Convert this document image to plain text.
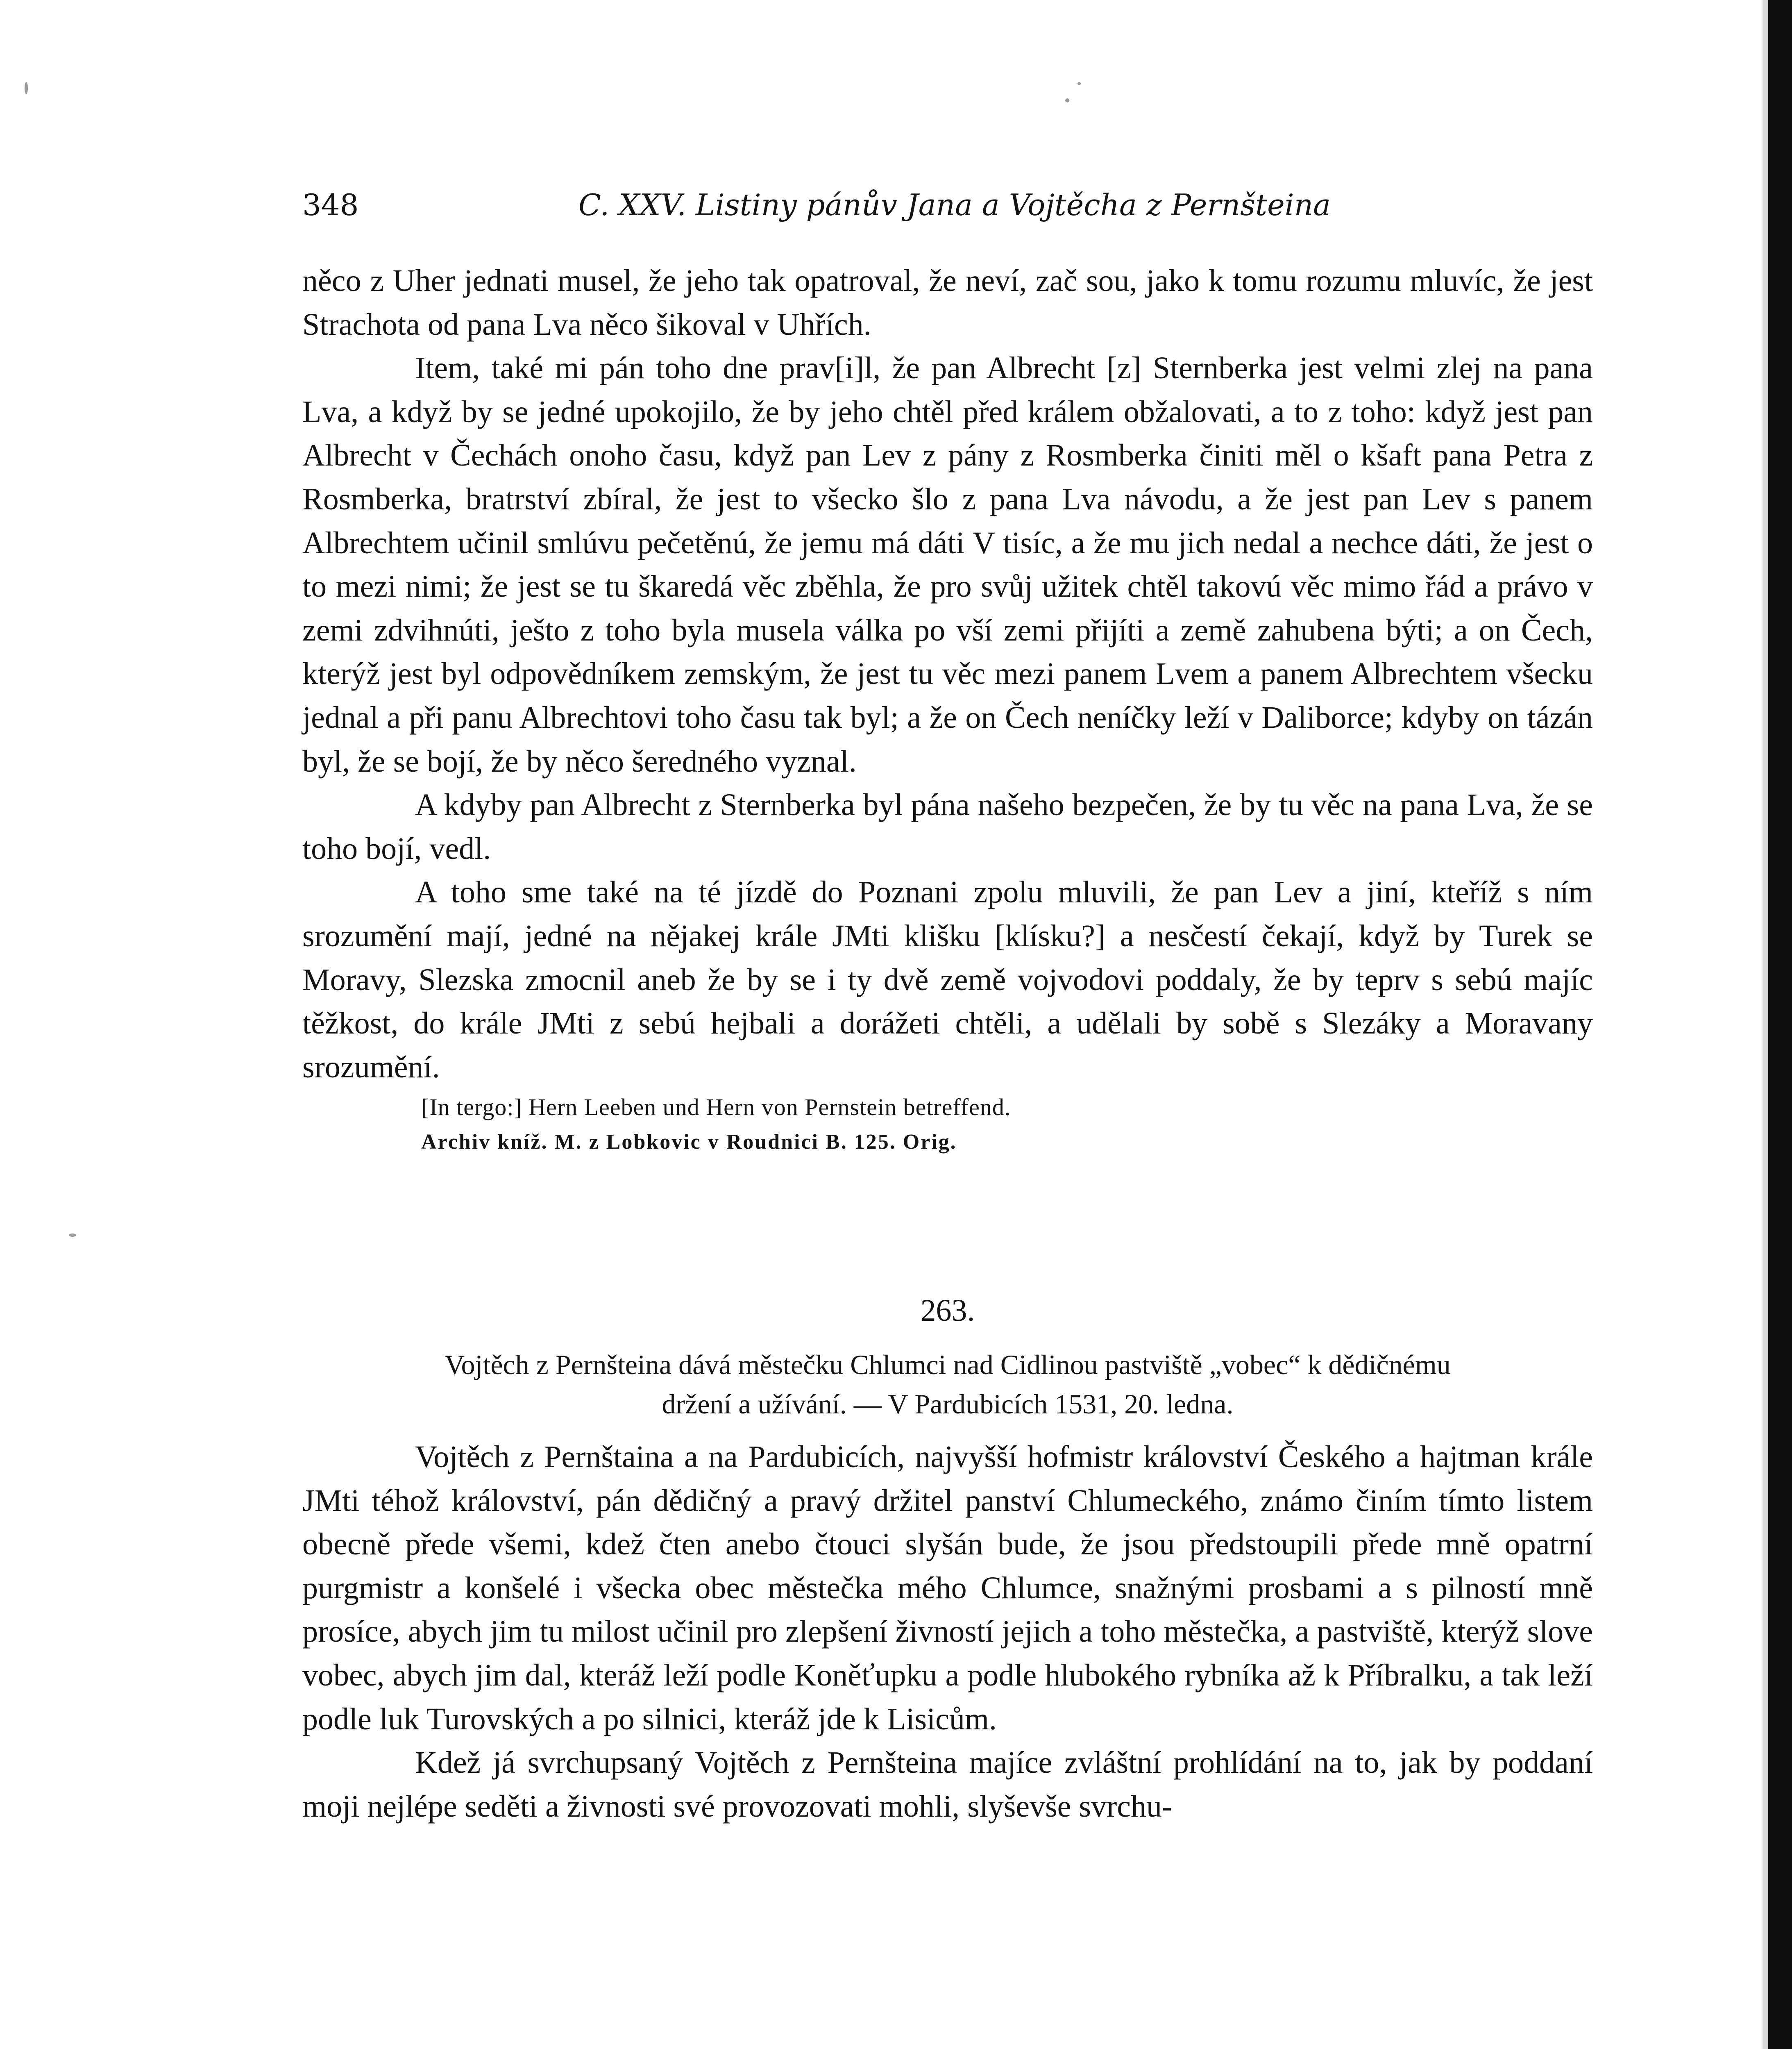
348	C. XXV. Listiny pánův Jana a Vojtěcha z Pernšteina

něco z Uher jednati musel, že jeho tak opatroval, že neví, zač sou, jako k tomu rozumu mluvíc, že jest Strachota od pana Lva něco šikoval v Uhřích.

Item, také mi pán toho dne prav[i]l, že pan Albrecht [z] Sternberka jest velmi zlej na pana Lva, a když by se jedné upokojilo, že by jeho chtěl před králem obžalovati, a to z toho: když jest pan Albrecht v Čechách onoho času, když pan Lev z pány z Rosmberka činiti měl o kšaft pana Petra z Rosmberka, bratrství zbíral, že jest to všecko šlo z pana Lva návodu, a že jest pan Lev s panem Albrechtem učinil smlúvu pečetěnú, že jemu má dáti V tisíc, a že mu jich nedal a nechce dáti, že jest o to mezi nimi; že jest se tu škaredá věc zběhla, že pro svůj užitek chtěl takovú věc mimo řád a právo v zemi zdvihnúti, ješto z toho byla musela válka po vší zemi přijíti a země zahubena býti; a on Čech, kterýž jest byl odpovědníkem zemským, že jest tu věc mezi panem Lvem a panem Albrechtem všecku jednal a při panu Albrechtovi toho času tak byl; a že on Čech neníčky leží v Daliborce; kdyby on tázán byl, že se bojí, že by něco šeredného vyznal.

A kdyby pan Albrecht z Sternberka byl pána našeho bezpečen, že by tu věc na pana Lva, že se toho bojí, vedl.

A toho sme také na té jízdě do Poznani zpolu mluvili, že pan Lev a jiní, kteříž s ním srozumění mají, jedné na nějakej krále JMti klišku [klísku?] a nesčestí čekají, když by Turek se Moravy, Slezska zmocnil aneb že by se i ty dvě země vojvodovi poddaly, že by teprv s sebú majíc těžkost, do krále JMti z sebú hejbali a dorážeti chtěli, a udělali by sobě s Slezáky a Moravany srozumění.

[In tergo:] Hern Leeben und Hern von Pernstein betreffend.

Archiv kníž. M. z Lobkovic v Roudnici B. 125. Orig.

263.

Vojtěch z Pernšteina dává městečku Chlumci nad Cidlinou pastviště „vobec“ k dědičnému

držení a užívání. — V Pardubicích 1531, 20. ledna.

Vojtěch z Pernštaina a na Pardubicích, najvyšší hofmistr království Českého a hajtman krále JMti téhož království, pán dědičný a pravý držitel panství Chlumeckého, známo činím tímto listem obecně přede všemi, kdež čten anebo čtouci slyšán bude, že jsou předstoupili přede mně opatrní purgmistr a konšelé i všecka obec městečka mého Chlumce, snažnými prosbami a s pilností mně prosíce, abych jim tu milost učinil pro zlepšení živností jejich a toho městečka, a pastviště, kterýž slove vobec, abych jim dal, kteráž leží podle Koněťupku a podle hlubokého rybníka až k Příbralku, a tak leží podle luk Turovských a po silnici, kteráž jde k Lisicům.

Kdež já svrchupsaný Vojtěch z Pernšteina majíce zvláštní prohlídání na to, jak by poddaní moji nejlépe seděti a živnosti své provozovati mohli, slyševše svrchu-
